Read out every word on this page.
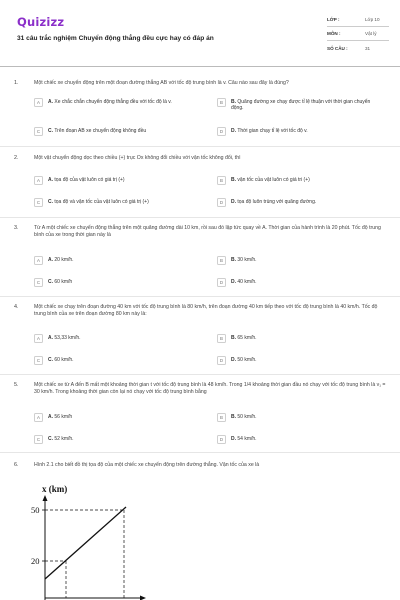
Quizizz
31 câu trắc nghiệm Chuyển động thẳng đều cực hay có đáp án
LỚP :	Lớp 10
MÔN :	Vật lý
SỐ CÂU :	31
1.	Một chiếc xe chuyển động trên một đoạn đường thẳng AB với tốc độ trung bình là v. Câu nào sau đây là đúng?
A	A. Xe chắc chắn chuyển động thẳng đều với tốc độ là v.	B	B. Quãng đường xe chạy được tỉ lệ thuận với thời gian chuyển động.
C	C. Trên đoạn AB xe chuyển động không đều	D	D. Thời gian chạy tỉ lệ với tốc độ v.
2.	Một vật chuyển động dọc theo chiều (+) trục Ox không đổi chiều với vận tốc không đổi, thì
A	A. tọa độ của vật luôn có giá trị (+)	B	B. vận tốc của vật luôn có giá tri (+)
C	C. tọa độ và vận tốc của vật luôn có giá trị (+)	D	D. tọa độ luôn trùng với quãng đường.
3.	Từ A một chiếc xe chuyển động thẳng trên một quãng đường dài 10 km, rồi sau đó lập tức quay về A. Thời gian của hành trình là 20 phút. Tốc độ trung bình của xe trong thời gian này là
A	A. 20 km/h.	B	B. 30 km/h.
C	C. 60 km/h	D	D. 40 km/h.
4.	Một chiếc xe chạy trên đoạn đường 40 km với tốc độ trung bình là 80 km/h, trên đoạn đường 40 km tiếp theo với tốc độ trung bình là 40 km/h. Tốc độ trung bình của xe trên đoạn đường 80 km này là:
A	A. 53,33 km/h.	B	B. 65 km/h.
C	C. 60 km/h.	D	D. 50 km/h.
5.	Một chiếc xe từ A đến B mất một khoảng thời gian t với tốc độ trung bình là 48 km/h. Trong 1/4 khoảng thời gian đầu nó chạy với tốc độ trung bình là v₁ = 30 km/h. Trong khoảng thời gian còn lại nó chạy với tốc độ trung bình bằng
A	A. 56 km/h	B	B. 50 km/h.
C	C. 52 km/h.	D	D. 54 km/h.
6.	Hình 2.1 cho biết đồ thị tọa độ của một chiếc xe chuyển động trên đường thẳng. Vận tốc của xe là
x (km)
50
20
